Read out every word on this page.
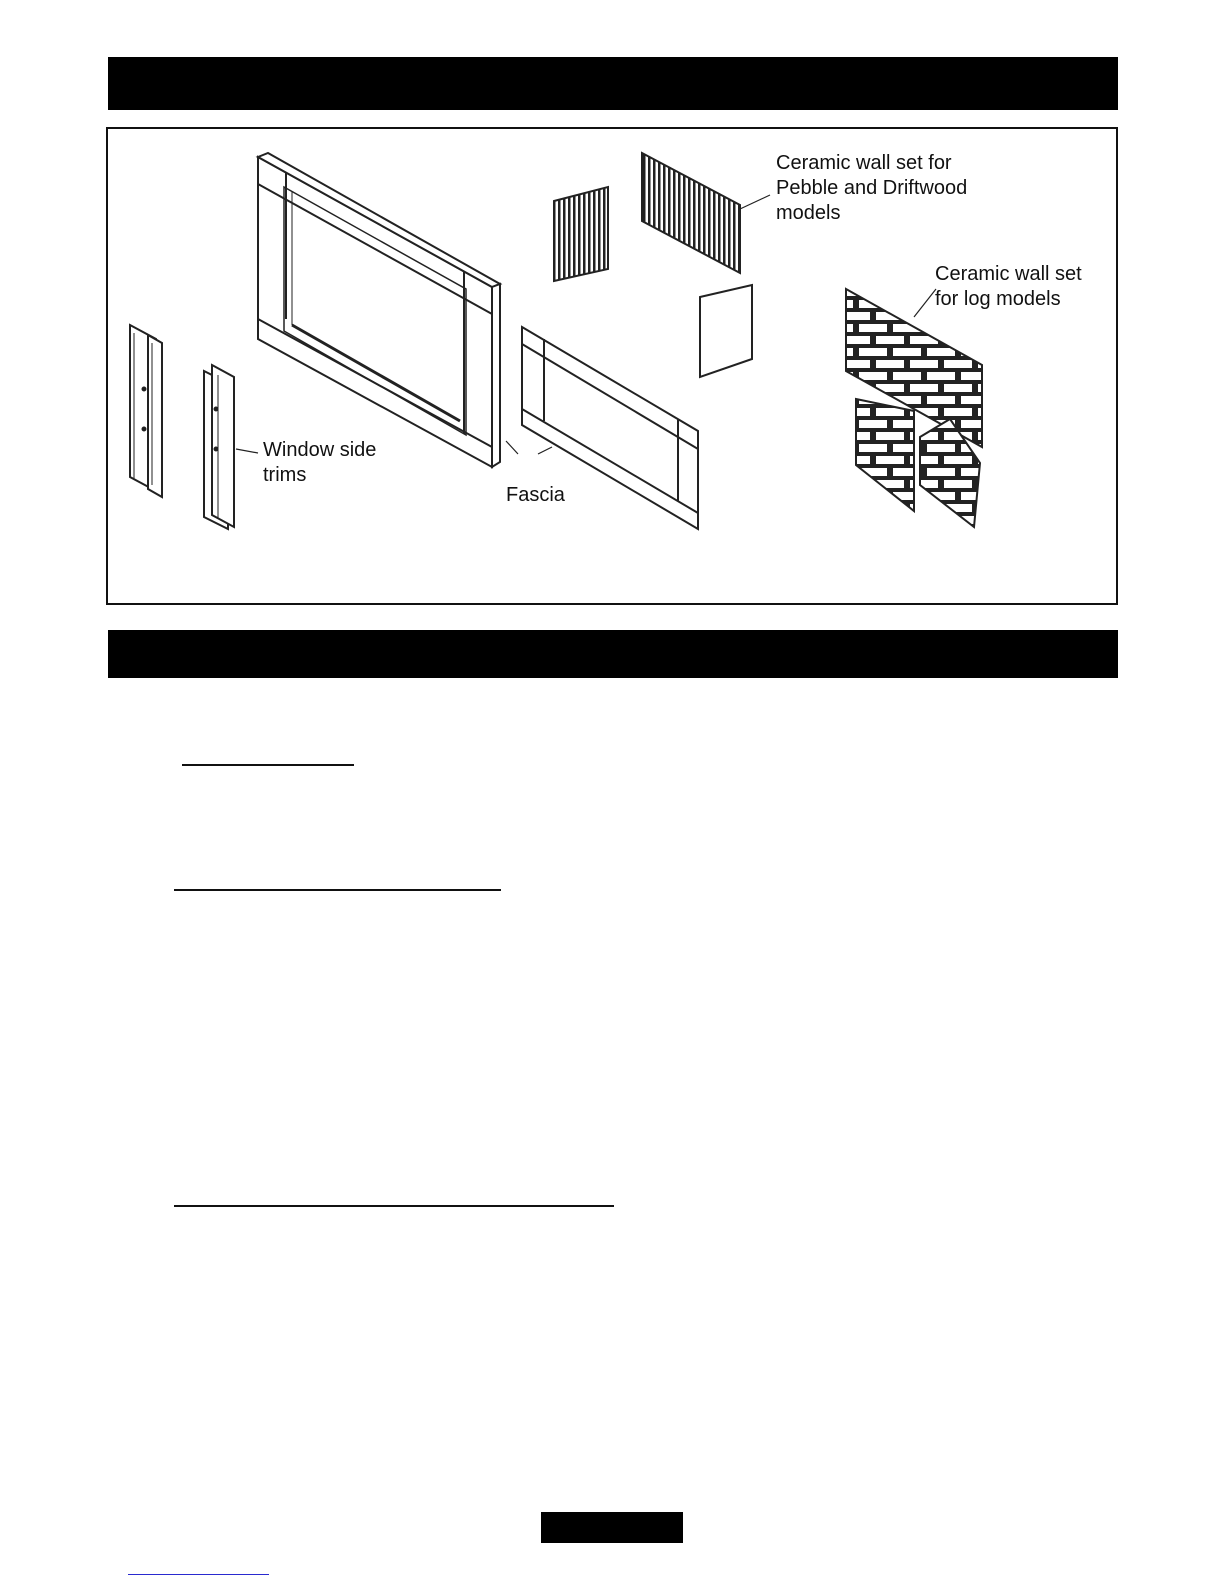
Ceramic wall set for
Pebble and Driftwood
models
Ceramic wall set
for log models
Window side
trims
Fascia
